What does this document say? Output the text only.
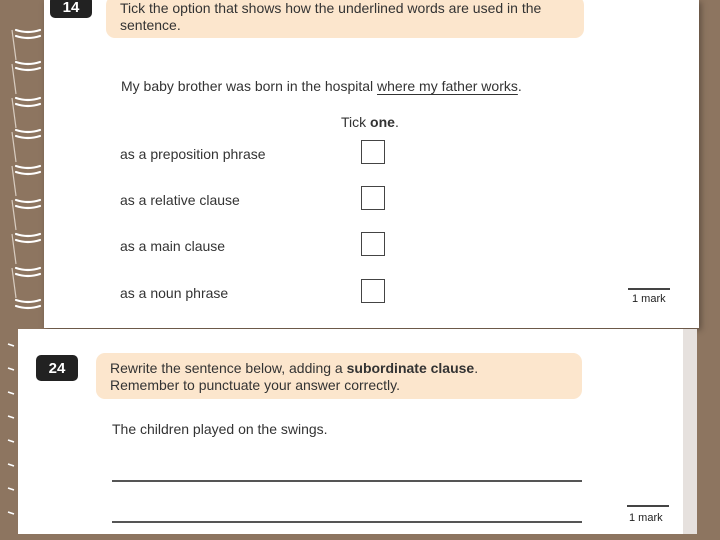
14	Tick the option that shows how the underlined words are used in the sentence.
My baby brother was born in the hospital where my father works.
Tick one.
as a preposition phrase
as a relative clause
as a main clause
as a noun phrase	1 mark
24	Rewrite the sentence below, adding a subordinate clause.
Remember to punctuate your answer correctly.
The children played on the swings.
1 mark
